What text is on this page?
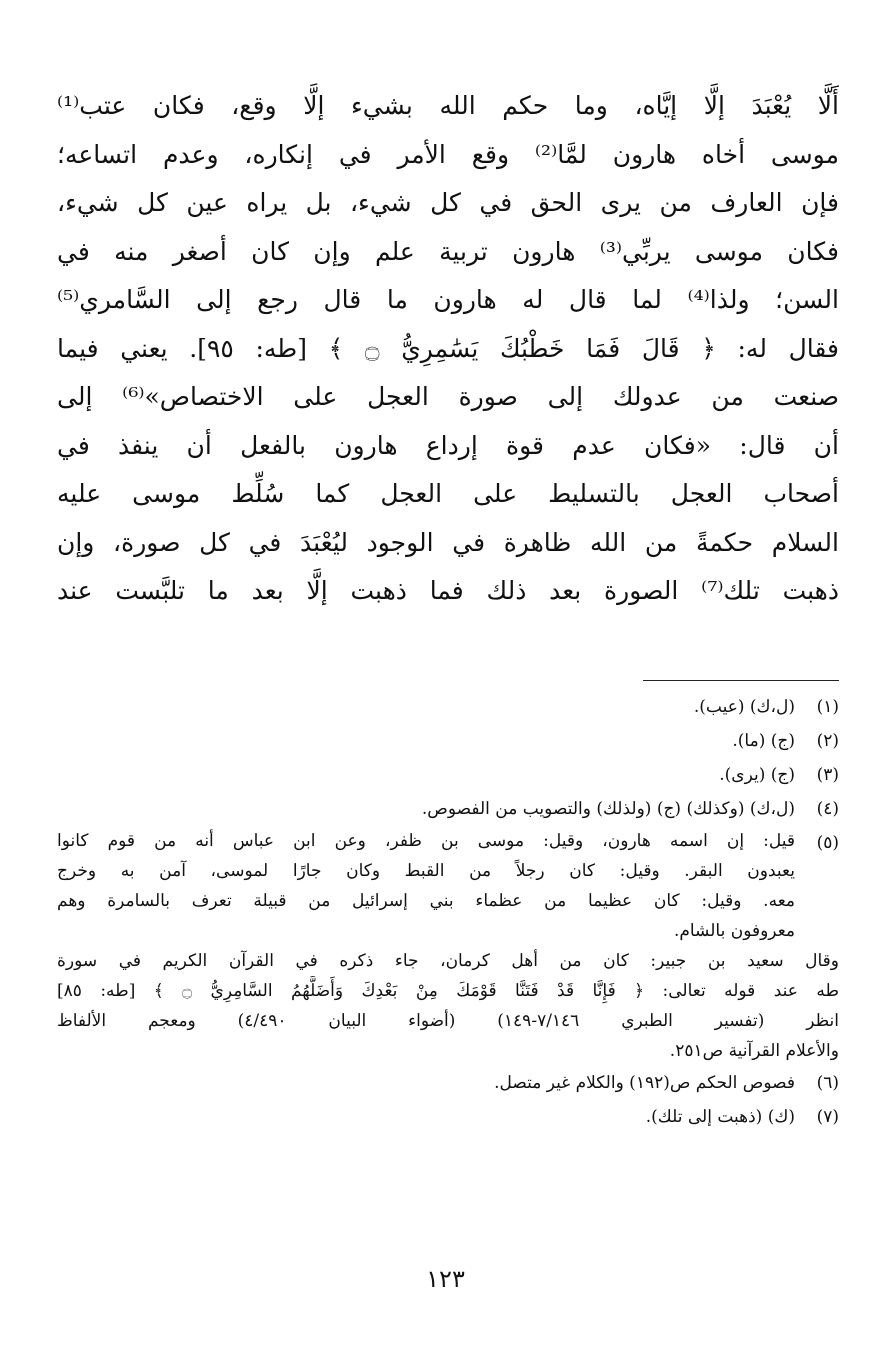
أَلَّا يُعْبَدَ إلَّا إيَّاه، وما حكم الله بشيء إلَّا وقع، فكان عتب⁽¹⁾
موسى أخاه هارون لمَّا⁽²⁾ وقع الأمر في إنكاره، وعدم اتساعه؛
فإن العارف من يرى الحق في كل شيء، بل يراه عين كل شيء،
فكان موسى يربِّي⁽³⁾ هارون تربية علم وإن كان أصغر منه في
السن؛ ولذا⁽⁴⁾ لما قال له هارون ما قال رجع إلى السَّامري⁽⁵⁾
فقال له: ﴿ قَالَ فَمَا خَطْبُكَ يَسَٰمِرِيُّ ۝ ﴾ [طه: ٩٥]. يعني فيما
صنعت من عدولك إلى صورة العجل على الاختصاص»⁽⁶⁾ إلى
أن قال: «فكان عدم قوة إرداع هارون بالفعل أن ينفذ في
أصحاب العجل بالتسليط على العجل كما سُلِّط موسى عليه
السلام حكمةً من الله ظاهرة في الوجود ليُعْبَدَ في كل صورة، وإن
ذهبت تلك⁽⁷⁾ الصورة بعد ذلك فما ذهبت إلَّا بعد ما تلبَّست عند
(١)
(ل،ك) (عيب).
(٢)
(ج) (ما).
(٣)
(ج) (يرى).
(٤)
(ل،ك) (وكذلك) (ج) (ولذلك) والتصويب من الفصوص.
(٥)
قيل: إن اسمه هارون، وقيل: موسى بن ظفر، وعن ابن عباس أنه من قوم كانوا
يعبدون البقر. وقيل: كان رجلاً من القبط وكان جارًا لموسى، آمن به وخرج
معه. وقيل: كان عظيما من عظماء بني إسرائيل من قبيلة تعرف بالسامرة وهم
معروفون بالشام.
وقال سعيد بن جبير: كان من أهل كرمان، جاء ذكره في القرآن الكريم في سورة
طه عند قوله تعالى: ﴿ فَإِنَّا قَدْ فَتَنَّا قَوْمَكَ مِنْ بَعْدِكَ وَأَضَلَّهُمُ السَّامِرِيُّ ۝ ﴾ [طه: ٨٥]
انظر (تفسير الطبري ٧/١٤٦-١٤٩) (أضواء البيان ٤/٤٩٠) ومعجم الألفاظ
والأعلام القرآنية ص٢٥١.
(٦)
فصوص الحكم ص(١٩٢) والكلام غير متصل.
(٧)
(ك) (ذهبت إلى تلك).
١٢٣
